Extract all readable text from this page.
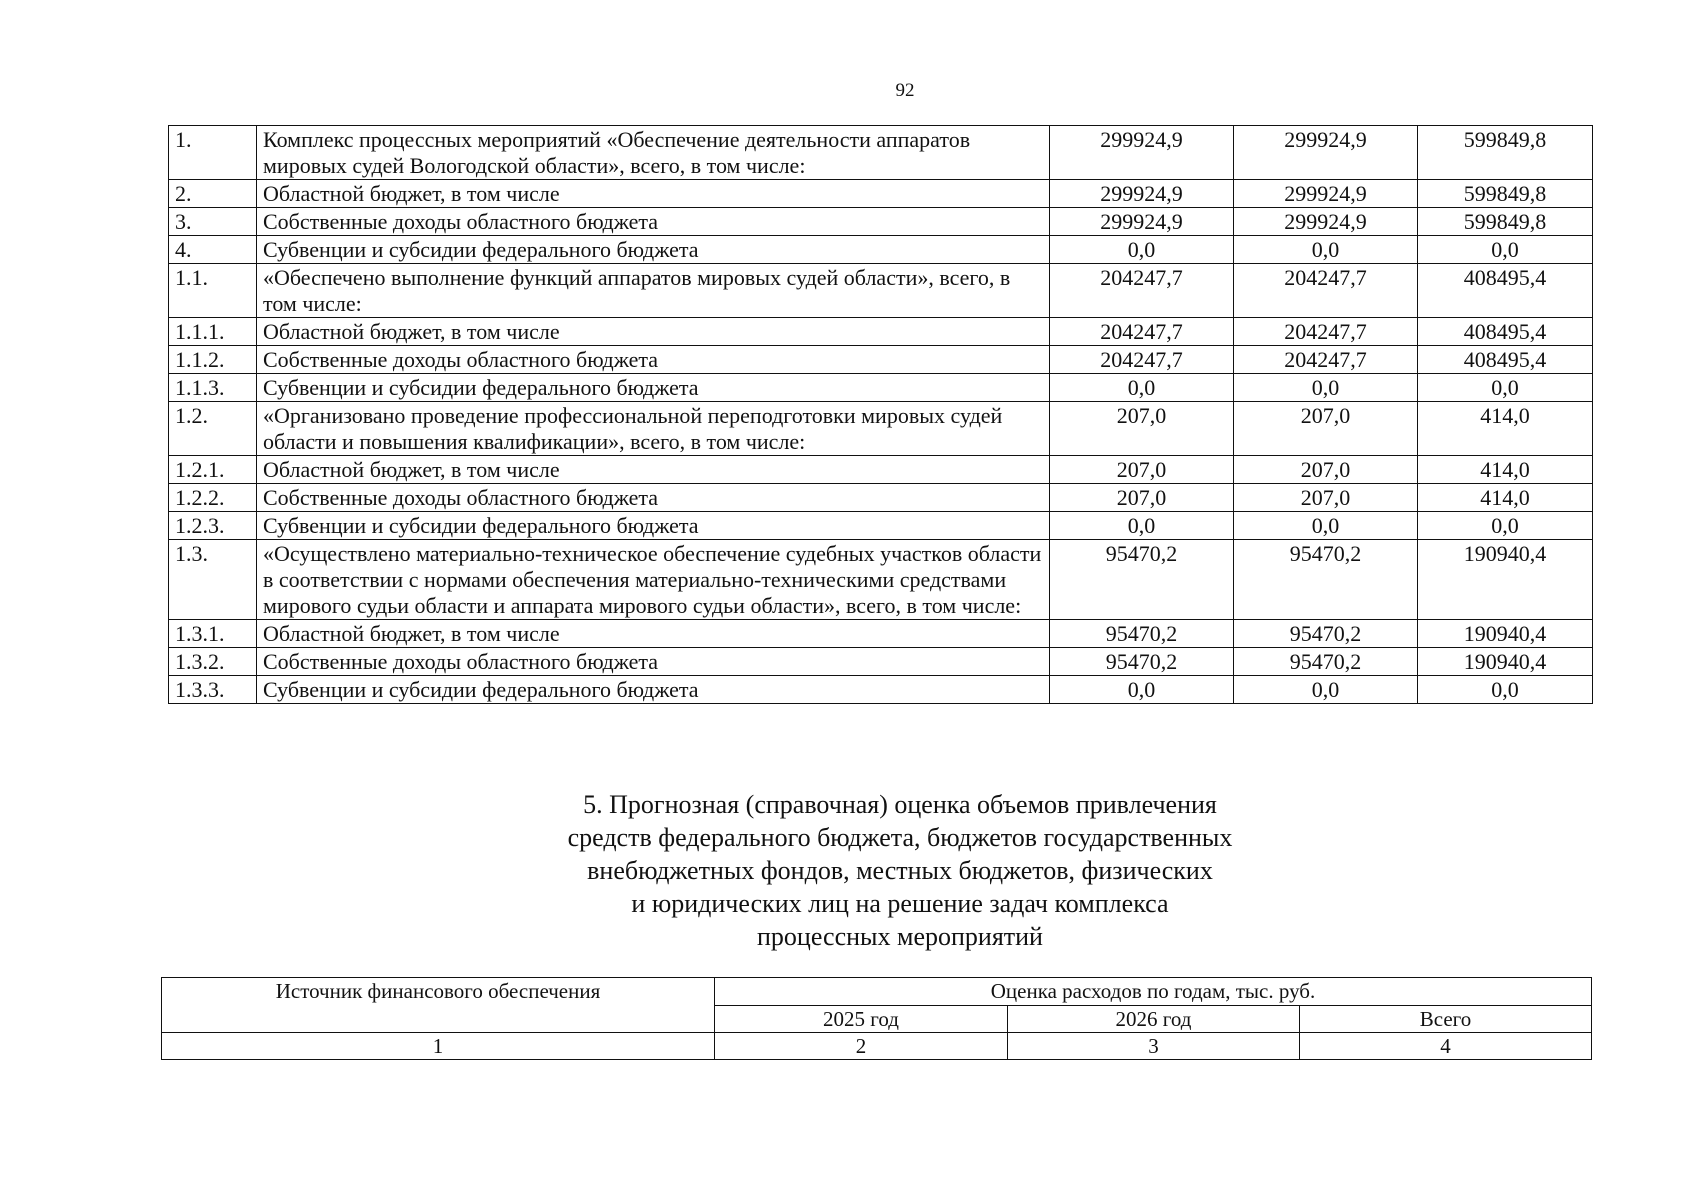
92
1.	Комплекс процессных мероприятий «Обеспечение деятельности аппаратов мировых судей Вологодской области», всего, в том числе:	299924,9	299924,9	599849,8
2.	Областной бюджет, в том числе	299924,9	299924,9	599849,8
3.	Собственные доходы областного бюджета	299924,9	299924,9	599849,8
4.	Субвенции и субсидии федерального бюджета	0,0	0,0	0,0
1.1.	«Обеспечено выполнение функций аппаратов мировых судей области», всего, в том числе:	204247,7	204247,7	408495,4
1.1.1.	Областной бюджет, в том числе	204247,7	204247,7	408495,4
1.1.2.	Собственные доходы областного бюджета	204247,7	204247,7	408495,4
1.1.3.	Субвенции и субсидии федерального бюджета	0,0	0,0	0,0
1.2.	«Организовано проведение профессиональной переподготовки мировых судей области и повышения квалификации», всего, в том числе:	207,0	207,0	414,0
1.2.1.	Областной бюджет, в том числе	207,0	207,0	414,0
1.2.2.	Собственные доходы областного бюджета	207,0	207,0	414,0
1.2.3.	Субвенции и субсидии федерального бюджета	0,0	0,0	0,0
1.3.	«Осуществлено материально-техническое обеспечение судебных участков области в соответствии с нормами обеспечения материально-техническими средствами мирового судьи области и аппарата мирового судьи области», всего, в том числе:	95470,2	95470,2	190940,4
1.3.1.	Областной бюджет, в том числе	95470,2	95470,2	190940,4
1.3.2.	Собственные доходы областного бюджета	95470,2	95470,2	190940,4
1.3.3.	Субвенции и субсидии федерального бюджета	0,0	0,0	0,0
5. Прогнозная (справочная) оценка объемов привлечения
средств федерального бюджета, бюджетов государственных
внебюджетных фондов, местных бюджетов, физических
и юридических лиц на решение задач комплекса
процессных мероприятий
Источник финансового обеспечения	Оценка расходов по годам, тыс. руб.		
	2025 год	2026 год	Всего
1	2	3	4
